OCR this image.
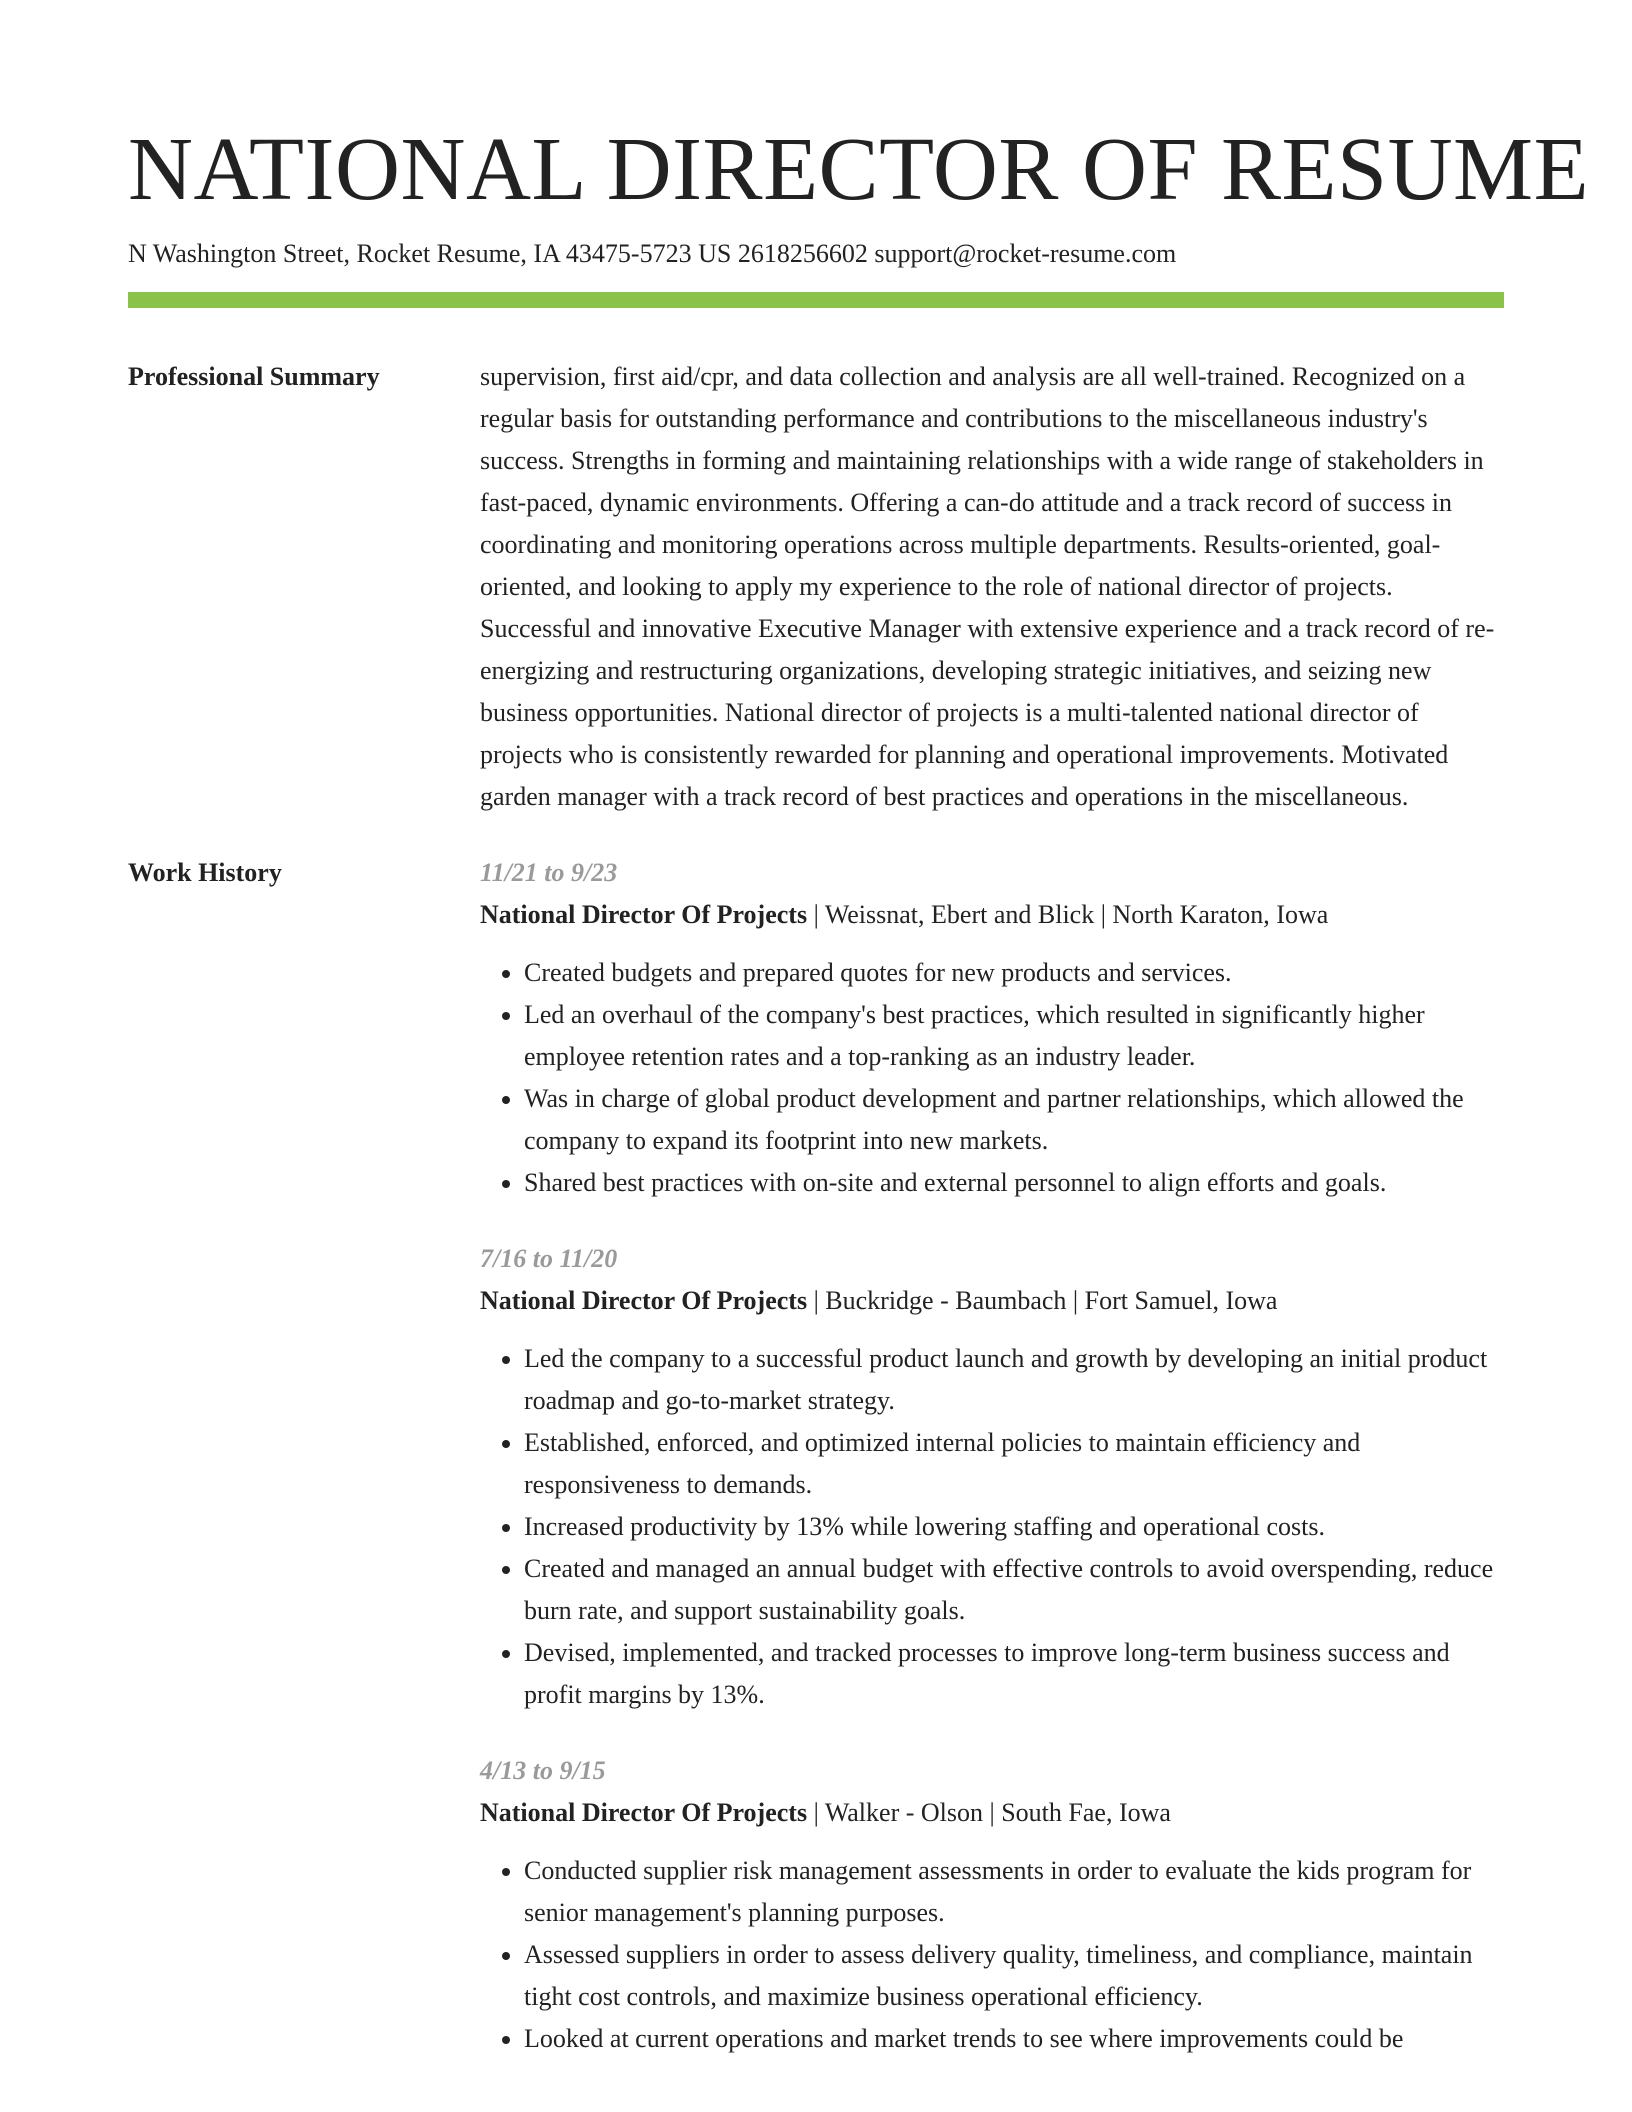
NATIONAL DIRECTOR OF RESUME
N Washington Street, Rocket Resume, IA 43475-5723 US 2618256602 support@rocket-resume.com
Professional Summary	supervision, first aid/cpr, and data collection and analysis are all well-trained. Recognized on a regular basis for outstanding performance and contributions to the miscellaneous industry's success. Strengths in forming and maintaining relationships with a wide range of stakeholders in fast-paced, dynamic environments. Offering a can-do attitude and a track record of success in coordinating and monitoring operations across multiple departments. Results-oriented, goal-oriented, and looking to apply my experience to the role of national director of projects. Successful and innovative Executive Manager with extensive experience and a track record of re-energizing and restructuring organizations, developing strategic initiatives, and seizing new business opportunities. National director of projects is a multi-talented national director of projects who is consistently rewarded for planning and operational improvements. Motivated garden manager with a track record of best practices and operations in the miscellaneous.

Work History	11/21 to 9/23
National Director Of Projects | Weissnat, Ebert and Blick | North Karaton, Iowa
• Created budgets and prepared quotes for new products and services.
• Led an overhaul of the company's best practices, which resulted in significantly higher employee retention rates and a top-ranking as an industry leader.
• Was in charge of global product development and partner relationships, which allowed the company to expand its footprint into new markets.
• Shared best practices with on-site and external personnel to align efforts and goals.
7/16 to 11/20
National Director Of Projects | Buckridge - Baumbach | Fort Samuel, Iowa
• Led the company to a successful product launch and growth by developing an initial product roadmap and go-to-market strategy.
• Established, enforced, and optimized internal policies to maintain efficiency and responsiveness to demands.
• Increased productivity by 13% while lowering staffing and operational costs.
• Created and managed an annual budget with effective controls to avoid overspending, reduce burn rate, and support sustainability goals.
• Devised, implemented, and tracked processes to improve long-term business success and profit margins by 13%.
4/13 to 9/15
National Director Of Projects | Walker - Olson | South Fae, Iowa
• Conducted supplier risk management assessments in order to evaluate the kids program for senior management's planning purposes.
• Assessed suppliers in order to assess delivery quality, timeliness, and compliance, maintain tight cost controls, and maximize business operational efficiency.
• Looked at current operations and market trends to see where improvements could be
